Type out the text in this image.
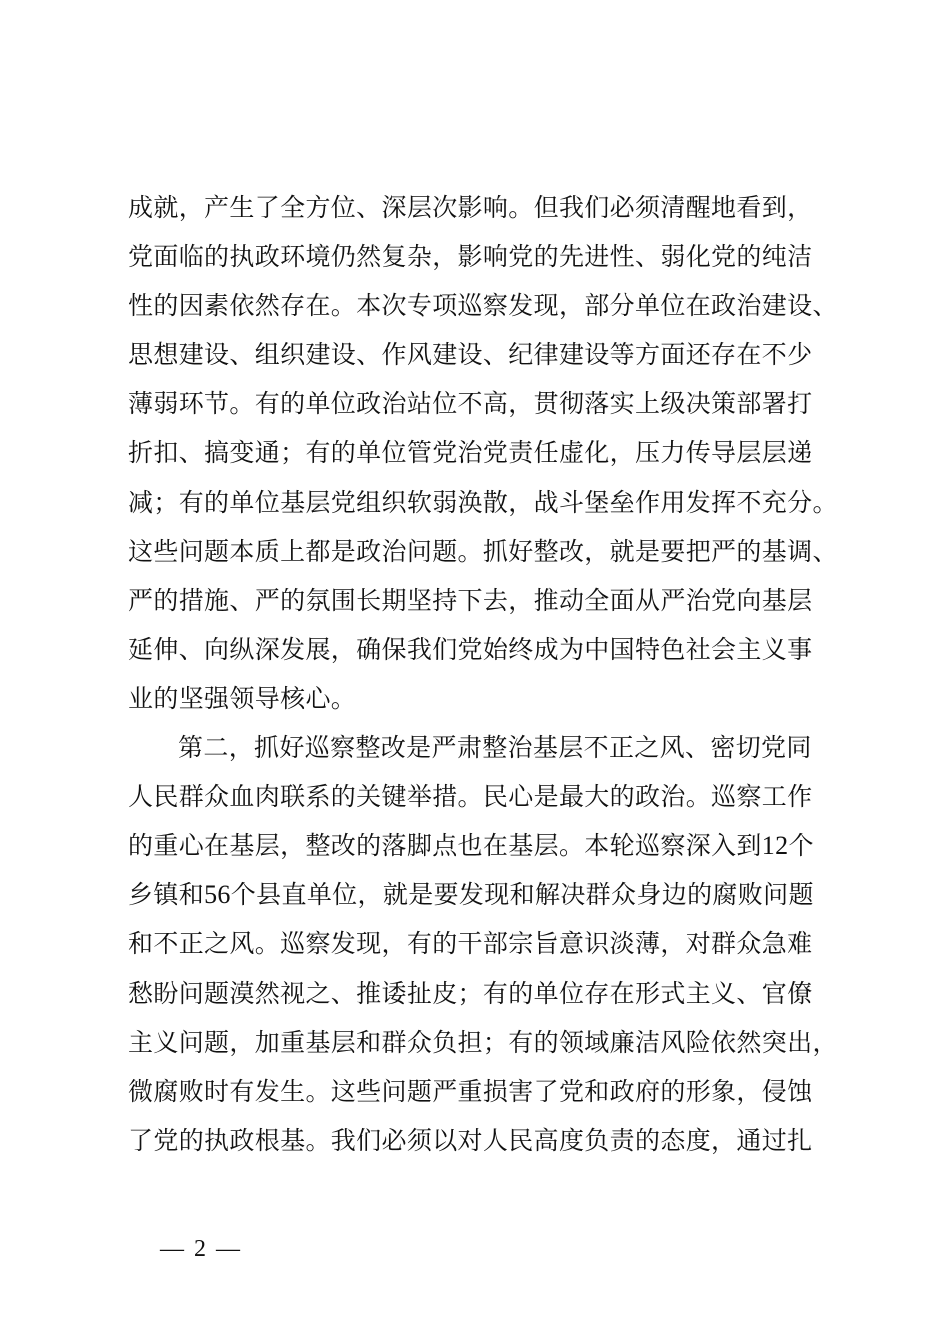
成就，产生了全方位、深层次影响。但我们必须清醒地看到，
党面临的执政环境仍然复杂，影响党的先进性、弱化党的纯洁
性的因素依然存在。本次专项巡察发现，部分单位在政治建设、
思想建设、组织建设、作风建设、纪律建设等方面还存在不少
薄弱环节。有的单位政治站位不高，贯彻落实上级决策部署打
折扣、搞变通；有的单位管党治党责任虚化，压力传导层层递
减；有的单位基层党组织软弱涣散，战斗堡垒作用发挥不充分。
这些问题本质上都是政治问题。抓好整改，就是要把严的基调、
严的措施、严的氛围长期坚持下去，推动全面从严治党向基层
延伸、向纵深发展，确保我们党始终成为中国特色社会主义事
业的坚强领导核心。
第二，抓好巡察整改是严肃整治基层不正之风、密切党同
人民群众血肉联系的关键举措。民心是最大的政治。巡察工作
的重心在基层，整改的落脚点也在基层。本轮巡察深入到12个
乡镇和56个县直单位，就是要发现和解决群众身边的腐败问题
和不正之风。巡察发现，有的干部宗旨意识淡薄，对群众急难
愁盼问题漠然视之、推诿扯皮；有的单位存在形式主义、官僚
主义问题，加重基层和群众负担；有的领域廉洁风险依然突出，
微腐败时有发生。这些问题严重损害了党和政府的形象，侵蚀
了党的执政根基。我们必须以对人民高度负责的态度，通过扎
— 2 —
